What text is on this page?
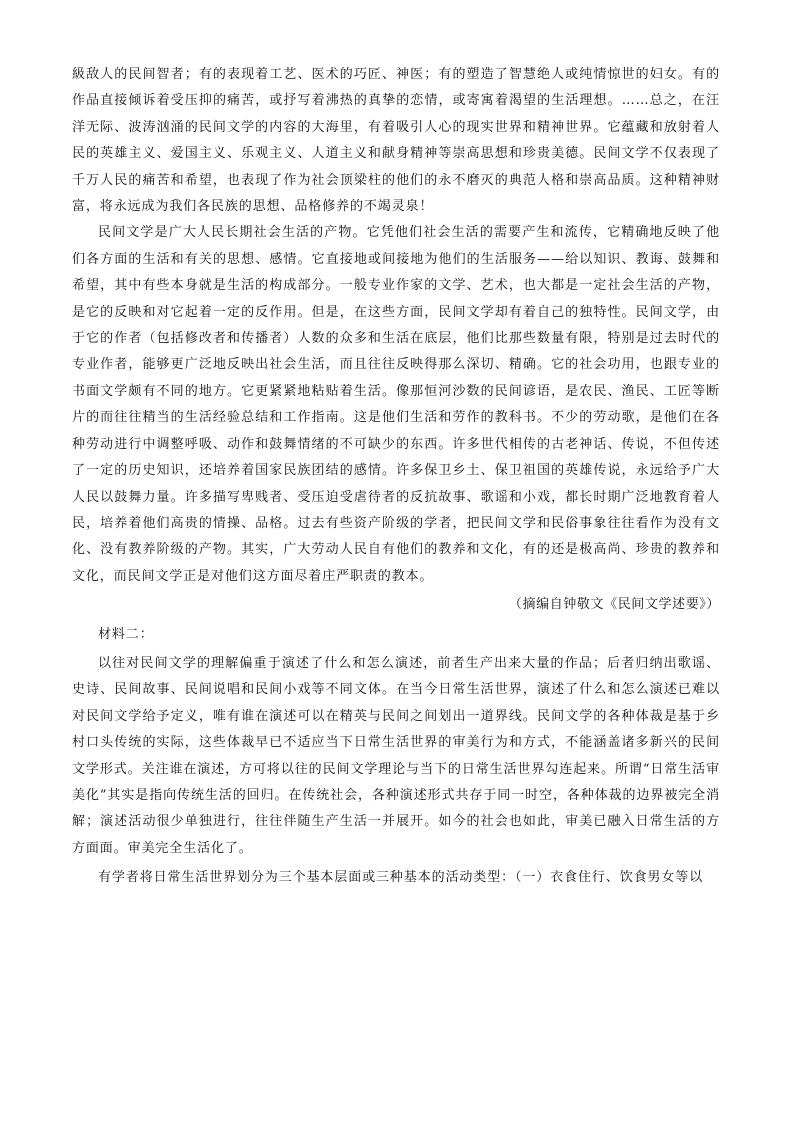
級敌人的民间智者；有的表现着工艺、医术的巧匠、神医；有的塑造了智慧绝人或纯情惊世的妇女。有的作品直接倾诉着受压抑的痛苦，或抒写着沸热的真挚的恋情，或寄寓着渴望的生活理想。……总之，在汪洋无际、波涛汹涌的民间文学的内容的大海里，有着吸引人心的现实世界和精神世界。它蕴藏和放射着人民的英雄主义、爱国主义、乐观主义、人道主义和献身精神等崇高思想和珍贵美德。民间文学不仅表现了千万人民的痛苦和希望，也表现了作为社会顶梁柱的他们的永不磨灭的典范人格和崇高品质。这种精神财富，将永远成为我们各民族的思想、品格修养的不竭灵泉！

民间文学是广大人民长期社会生活的产物。它凭他们社会生活的需要产生和流传，它精确地反映了他们各方面的生活和有关的思想、感情。它直接地或间接地为他们的生活服务——给以知识、教诲、鼓舞和希望，其中有些本身就是生活的构成部分。一般专业作家的文学、艺术，也大都是一定社会生活的产物，是它的反映和对它起着一定的反作用。但是，在这些方面，民间文学却有着自己的独特性。民间文学，由于它的作者（包括修改者和传播者）人数的众多和生活在底层，他们比那些数量有限，特别是过去时代的专业作者，能够更广泛地反映出社会生活，而且往往反映得那么深切、精确。它的社会功用，也跟专业的书面文学颇有不同的地方。它更紧紧地粘贴着生活。像那恒河沙数的民间谚语，是农民、渔民、工匠等断片的而往往精当的生活经验总结和工作指南。这是他们生活和劳作的教科书。不少的劳动歌，是他们在各种劳动进行中调整呼吸、动作和鼓舞情绪的不可缺少的东西。许多世代相传的古老神话、传说，不但传述了一定的历史知识，还培养着国家民族团结的感情。许多保卫乡土、保卫祖国的英雄传说，永远给予广大人民以鼓舞力量。许多描写卑贱者、受压迫受虐待者的反抗故事、歌谣和小戏，都长时期广泛地教育着人民，培养着他们高贵的情操、品格。过去有些资产阶级的学者，把民间文学和民俗事象往往看作为没有文化、没有教养阶级的产物。其实，广大劳动人民自有他们的教养和文化，有的还是极高尚、珍贵的教养和文化，而民间文学正是对他们这方面尽着庄严职责的教本。

（摘编自钟敬文《民间文学述要》）

材料二：

以往对民间文学的理解偏重于演述了什么和怎么演述，前者生产出来大量的作品；后者归纳出歌谣、史诗、民间故事、民间说唱和民间小戏等不同文体。在当今日常生活世界，演述了什么和怎么演述已难以对民间文学给予定义，唯有谁在演述可以在精英与民间之间划出一道界线。民间文学的各种体裁是基于乡村口头传统的实际，这些体裁早已不适应当下日常生活世界的审美行为和方式，不能涵盖诸多新兴的民间文学形式。关注谁在演述，方可将以往的民间文学理论与当下的日常生活世界勾连起来。所谓“日常生活审美化”其实是指向传统生活的回归。在传统社会，各种演述形式共存于同一时空，各种体裁的边界被完全消解；演述活动很少单独进行，往往伴随生产生活一并展开。如今的社会也如此，审美已融入日常生活的方方面面。审美完全生活化了。

有学者将日常生活世界划分为三个基本层面或三种基本的活动类型：（一）衣食住行、饮食男女等以
